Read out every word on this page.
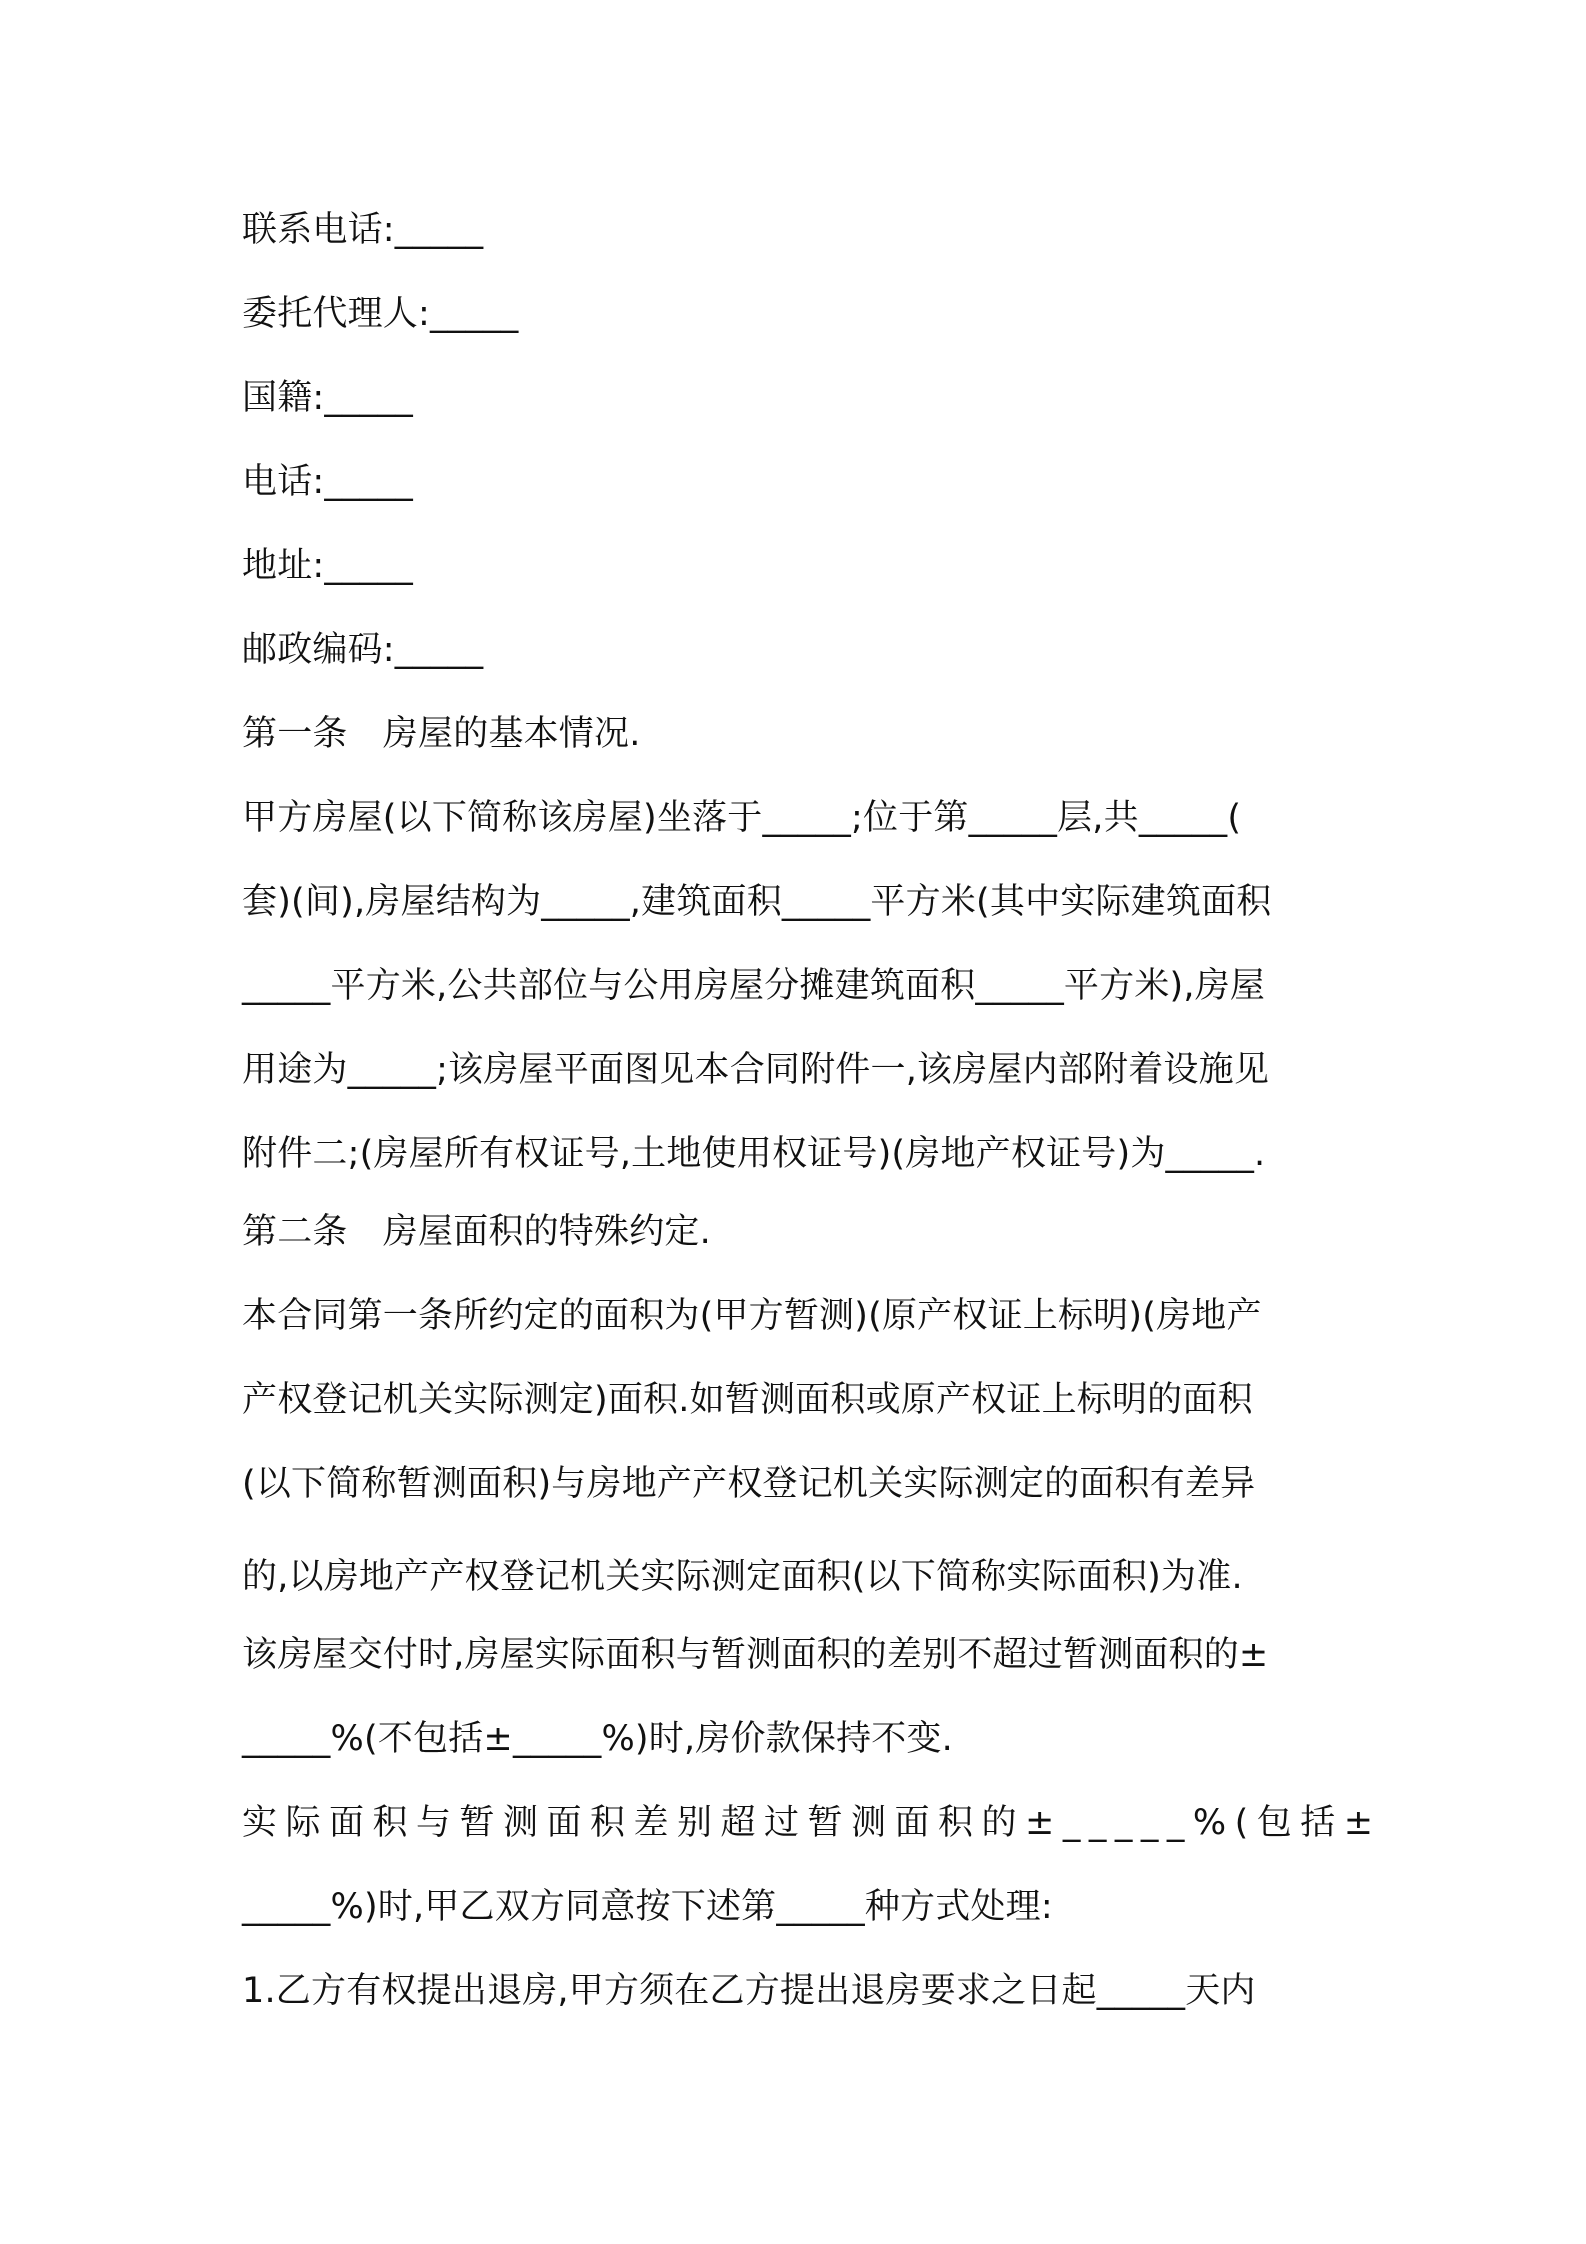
联系电话:_____
委托代理人:_____
国籍:_____
电话:_____
地址:_____
邮政编码:_____
第一条　房屋的基本情况.
甲方房屋(以下简称该房屋)坐落于_____;位于第_____层,共_____(
套)(间),房屋结构为_____,建筑面积_____平方米(其中实际建筑面积
_____平方米,公共部位与公用房屋分摊建筑面积_____平方米),房屋
用途为_____;该房屋平面图见本合同附件一,该房屋内部附着设施见
附件二;(房屋所有权证号,土地使用权证号)(房地产权证号)为_____.
第二条　房屋面积的特殊约定.
本合同第一条所约定的面积为(甲方暂测)(原产权证上标明)(房地产
产权登记机关实际测定)面积.如暂测面积或原产权证上标明的面积
(以下简称暂测面积)与房地产产权登记机关实际测定的面积有差异
的,以房地产产权登记机关实际测定面积(以下简称实际面积)为准.
该房屋交付时,房屋实际面积与暂测面积的差别不超过暂测面积的±
_____%(不包括±_____%)时,房价款保持不变.
实际面积与暂测面积差别超过暂测面积的±_____%(包括±
_____%)时,甲乙双方同意按下述第_____种方式处理:
1.乙方有权提出退房,甲方须在乙方提出退房要求之日起_____天内
